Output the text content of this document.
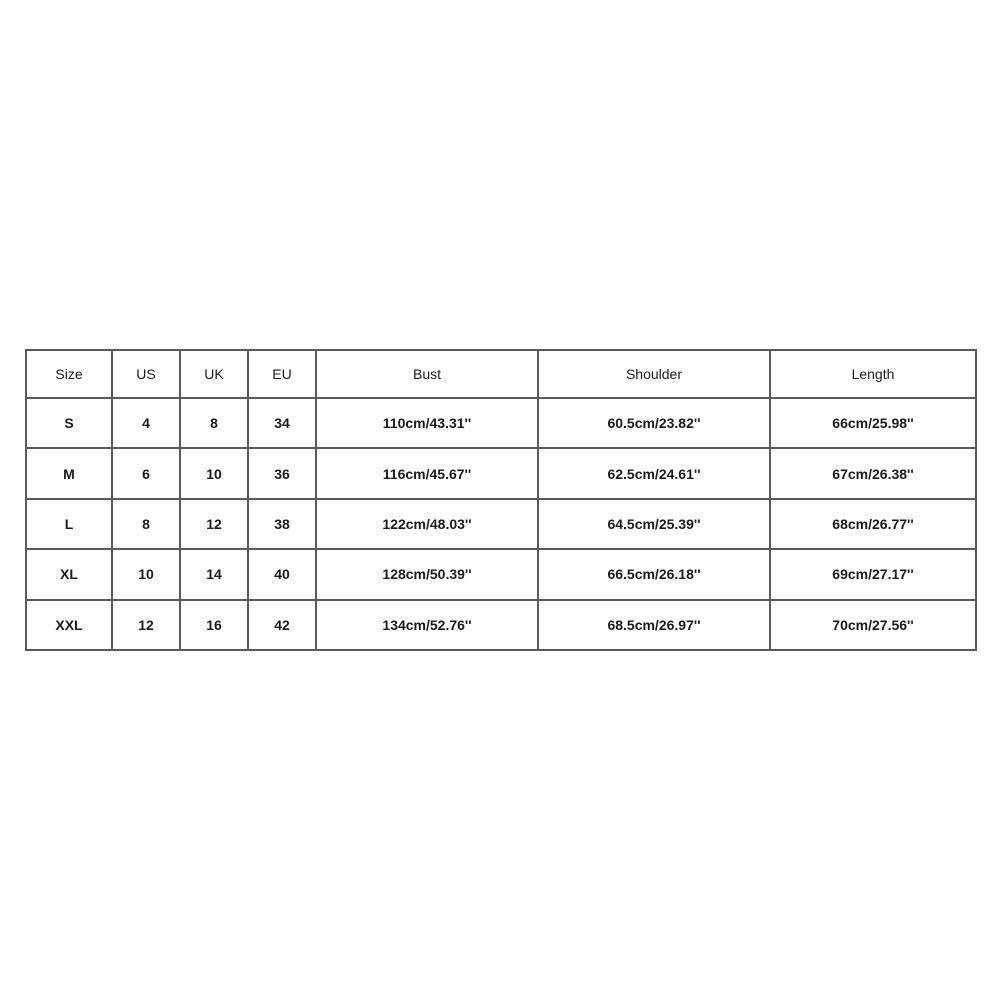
Size	US	UK	EU	Bust	Shoulder	Length
S	4	8	34	110cm/43.31''	60.5cm/23.82''	66cm/25.98''
M	6	10	36	116cm/45.67''	62.5cm/24.61''	67cm/26.38''
L	8	12	38	122cm/48.03''	64.5cm/25.39''	68cm/26.77''
XL	10	14	40	128cm/50.39''	66.5cm/26.18''	69cm/27.17''
XXL	12	16	42	134cm/52.76''	68.5cm/26.97''	70cm/27.56''
